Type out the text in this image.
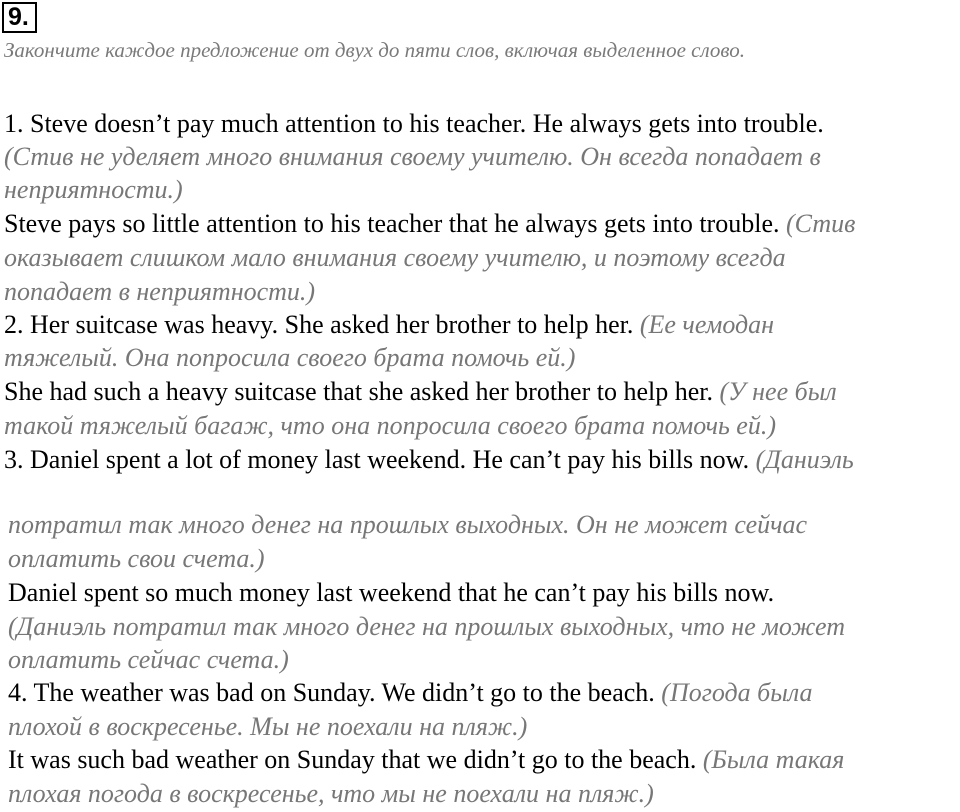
9.
Закончите каждое предложение от двух до пяти слов, включая выделенное слово.
1. Steve doesn’t pay much attention to his teacher. He always gets into trouble.
(Стив не уделяет много внимания своему учителю. Он всегда попадает в
неприятности.)
Steve pays so little attention to his teacher that he always gets into trouble. (Стив
оказывает слишком мало внимания своему учителю, и поэтому всегда
попадает в неприятности.)
2. Her suitcase was heavy. She asked her brother to help her. (Ее чемодан
тяжелый. Она попросила своего брата помочь ей.)
She had such a heavy suitcase that she asked her brother to help her. (У нее был
такой тяжелый багаж, что она попросила своего брата помочь ей.)
3. Daniel spent a lot of money last weekend. He can’t pay his bills now. (Даниэль
потратил так много денег на прошлых выходных. Он не может сейчас
оплатить свои счета.)
Daniel spent so much money last weekend that he can’t pay his bills now.
(Даниэль потратил так много денег на прошлых выходных, что не может
оплатить сейчас счета.)
4. The weather was bad on Sunday. We didn’t go to the beach. (Погода была
плохой в воскресенье. Мы не поехали на пляж.)
It was such bad weather on Sunday that we didn’t go to the beach. (Была такая
плохая погода в воскресенье, что мы не поехали на пляж.)
